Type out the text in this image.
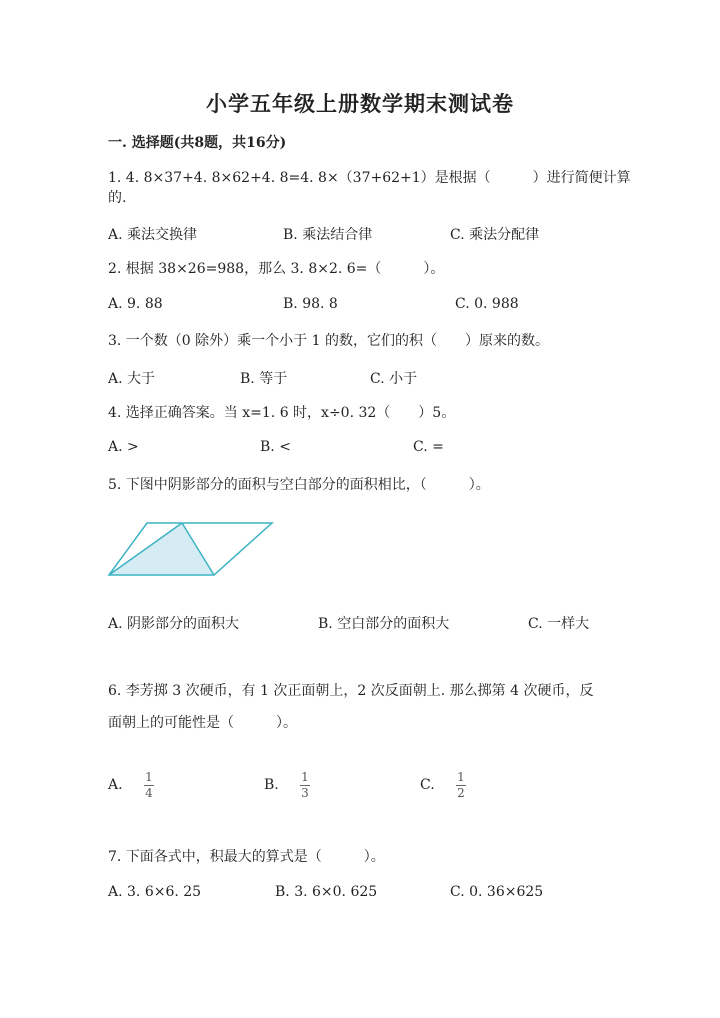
小学五年级上册数学期末测试卷
一. 选择题(共8题，共16分)
1. 4. 8×37+4. 8×62+4. 8=4. 8×（37+62+1）是根据（　　　）进行简便计算
的.
A. 乘法交换律	B. 乘法结合律	C. 乘法分配律
2. 根据 38×26=988，那么 3. 8×2. 6=（　　　）。
A. 9. 88	B. 98. 8	C. 0. 988
3. 一个数（0 除外）乘一个小于 1 的数，它们的积（　　）原来的数。
A. 大于	B. 等于	C. 小于
4. 选择正确答案。当 x=1. 6 时，x÷0. 32（　　）5。
A. >	B. <	C. =
5. 下图中阴影部分的面积与空白部分的面积相比，（　　　）。
A. 阴影部分的面积大	B. 空白部分的面积大	C. 一样大
6. 李芳掷 3 次硬币，有 1 次正面朝上，2 次反面朝上. 那么掷第 4 次硬币，反
面朝上的可能性是（　　　）。
A. 1
4	B. 1
3	C. 1
2
7. 下面各式中，积最大的算式是（　　　）。
A. 3. 6×6. 25	B. 3. 6×0. 625	C. 0. 36×625
